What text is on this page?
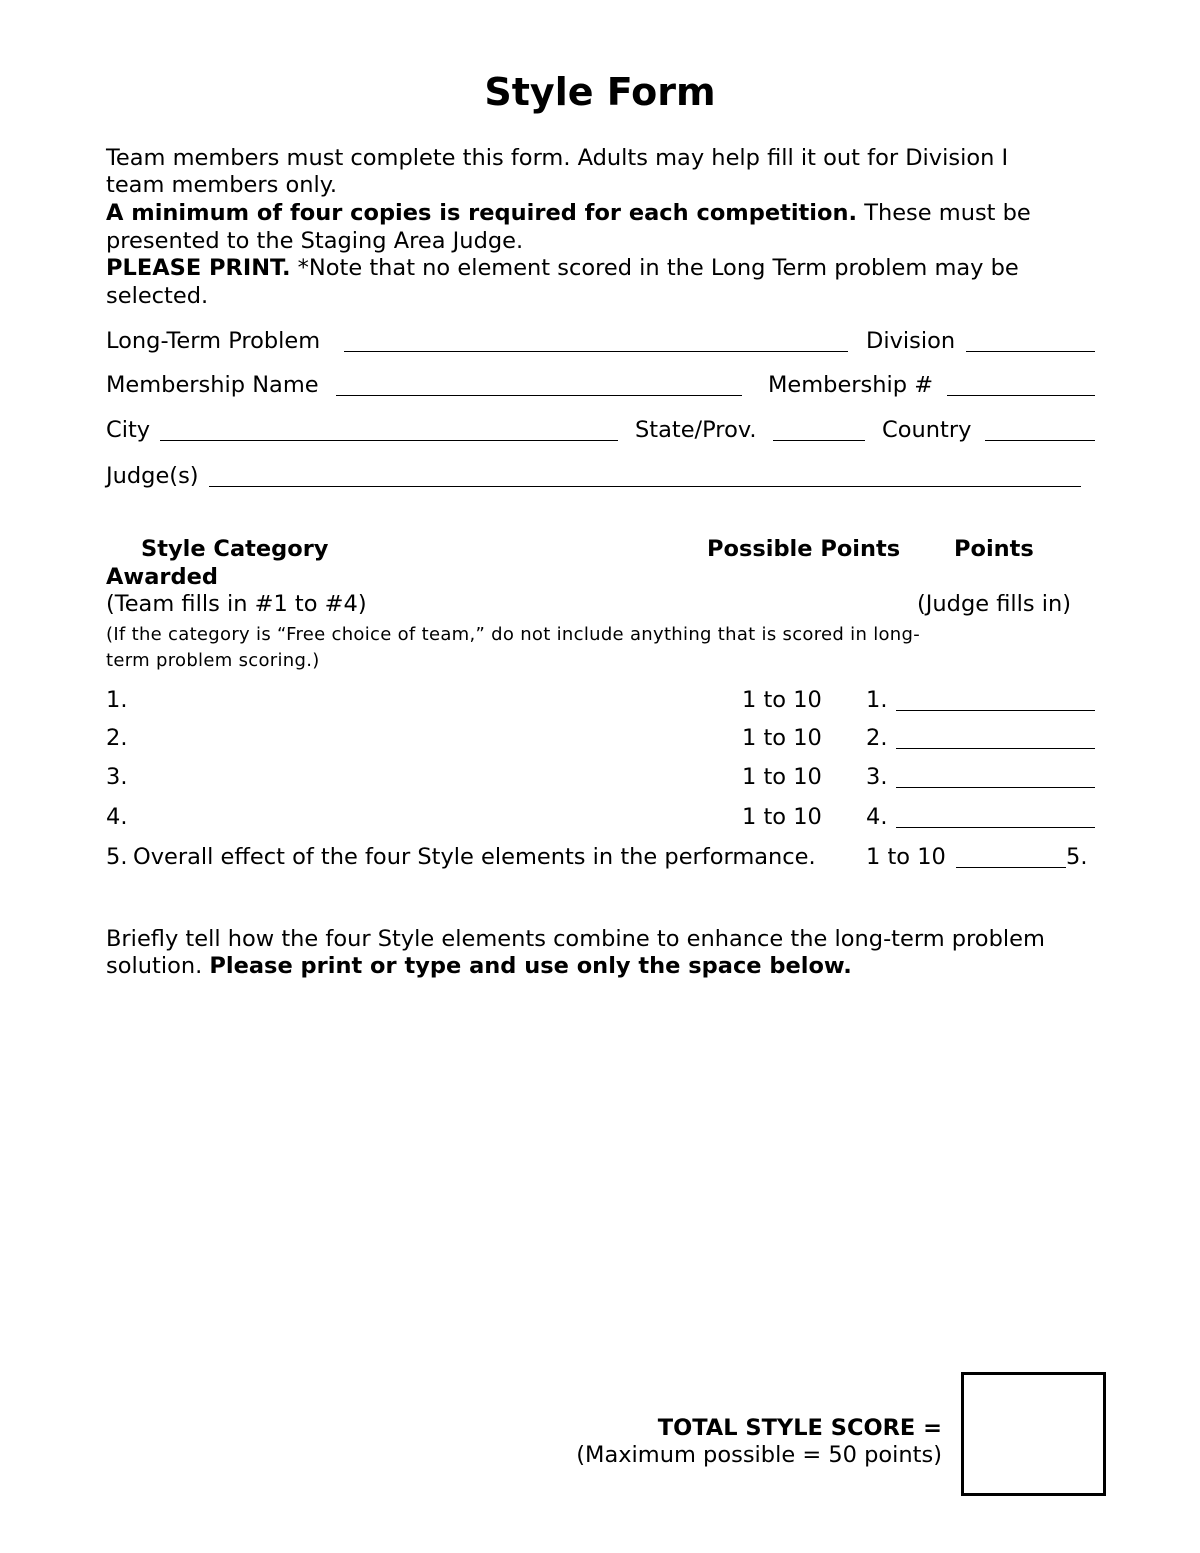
Style Form
Team members must complete this form. Adults may help fill it out for Division I
team members only.
A minimum of four copies is required for each competition. These must be
presented to the Staging Area Judge.
PLEASE PRINT. *Note that no element scored in the Long Term problem may be
selected.
Long-Term Problem	Division
Membership Name	Membership #
City	State/Prov.	Country
Judge(s)
Style Category	Possible Points Points
Awarded
(Team fills in #1 to #4)	(Judge fills in)
(If the category is “Free choice of team,” do not include anything that is scored in long-
term problem scoring.)
1.	1 to 10 1.
2.	1 to 10 2.
3.	1 to 10 3.
4.	1 to 10 4.
5. Overall effect of the four Style elements in the performance. 1 to 10	5.
Briefly tell how the four Style elements combine to enhance the long-term problem
solution. Please print or type and use only the space below.
TOTAL STYLE SCORE =
(Maximum possible = 50 points)
